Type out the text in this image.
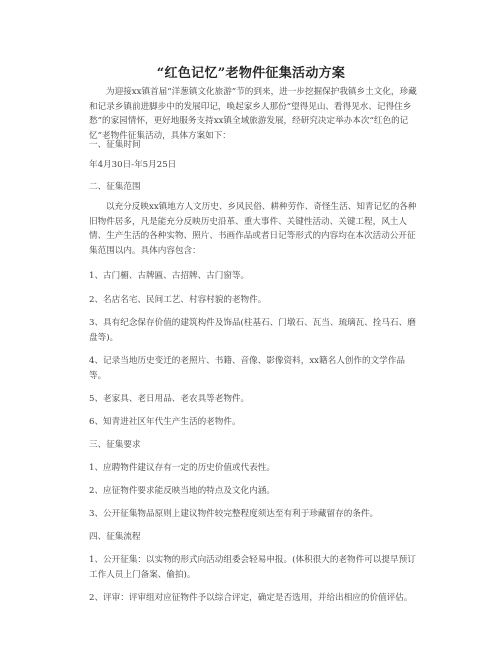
“红色记忆”老物件征集活动方案

为迎接xx镇首届“洋葱镇文化旅游”节的到来，进一步挖掘保护我镇乡土文化，珍藏和记录乡镇前进脚步中的发展印记，唤起家乡人那份“望得见山、看得见水、记得住乡愁”的家园情怀，更好地服务支持xx镇全域旅游发展，经研究决定举办本次“红色的记忆”老物件征集活动，具体方案如下：

一、征集时间

年4月30日-年5月25日

二、征集范围

以充分反映xx镇地方人文历史、乡风民俗、耕种劳作、奇怪生活、知青记忆的各种旧物件居多，凡是能充分反映历史沿革、重大事件、关键性活动、关键工程，风土人情、生产生活的各种实物、照片、书画作品或者日记等形式的内容均在本次活动公开征集范围以内。具体内容包含：

1、古门楣、古牌匾、古招牌、古门窗等。

2、名店名宅、民间工艺、村容村貌的老物件。

3、具有纪念保存价值的建筑构件及饰品(柱基石、门墩石、瓦当、琉璃瓦、拴马石、磨盘等)。

4、记录当地历史变迁的老照片、书籍、音像、影像资料，xx籍名人创作的文学作品等。

5、老家具、老日用品、老农具等老物件。

6、知青进社区年代生产生活的老物件。

三、征集要求

1、应聘物件建议存有一定的历史价值或代表性。

2、应征物件要求能反映当地的特点及文化内涵。

3、公开征集物品原则上建议物件较完整程度须达至有利于珍藏留存的条件。

四、征集流程

1、公开征集：以实物的形式向活动组委会轻易申报。(体积很大的老物件可以提早预订工作人员上门备案、偷拍)。

2、评审：评审组对应征物件予以综合评定，确定是否选用，并给出相应的价值评估。
